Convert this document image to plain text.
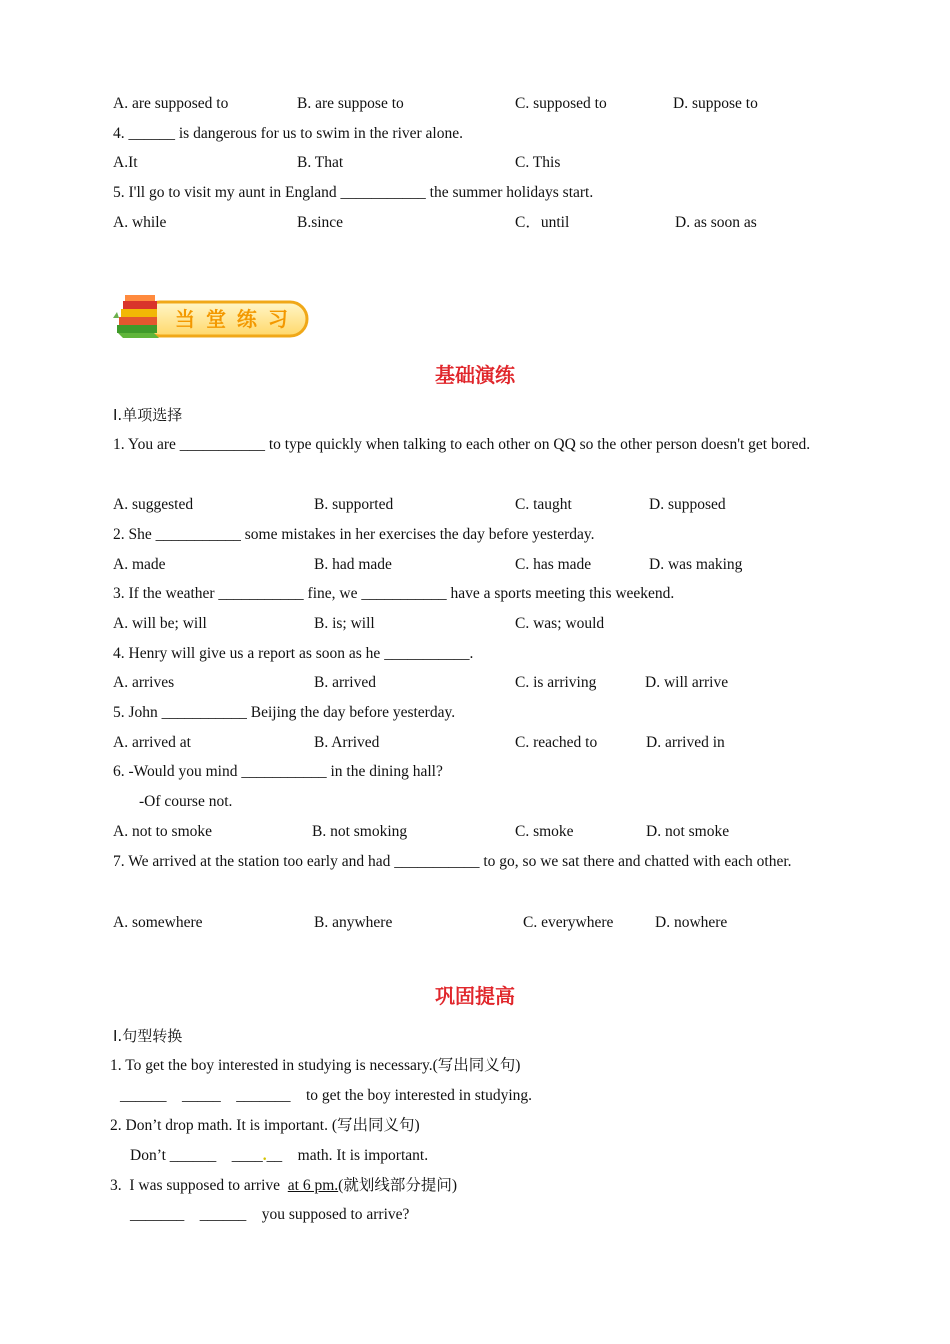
A. are supposed to	B. are suppose to	C. supposed to	D. suppose to
4. ______ is dangerous for us to swim in the river alone.
A.It	B. That	C. This
5. I'll go to visit my aunt in England ___________ the summer holidays start.
A. while	B.since	C．until	D. as soon as
当 堂 练 习
基础演练
I.单项选择
1. You are ___________ to type quickly when talking to each other on QQ so the other person doesn't get bored.
A. suggested	B. supported	C. taught	D. supposed
2. She ___________ some mistakes in her exercises the day before yesterday.
A. made	B. had made	C. has made	D. was making
3. If the weather ___________ fine, we ___________ have a sports meeting this weekend.
A. will be; will	B. is; will	C. was; would
4. Henry will give us a report as soon as he ___________.
A. arrives	B. arrived	C. is arriving	D. will arrive
5. John ___________ Beijing the day before yesterday.
A. arrived at	B. Arrived	C. reached to	D. arrived in
6. -Would you mind ___________ in the dining hall?
-Of course not.
A. not to smoke	B. not smoking	C. smoke	D. not smoke
7. We arrived at the station too early and had ___________ to go, so we sat there and chatted with each other.
A. somewhere	B. anywhere	C. everywhere	D. nowhere
巩固提高
I.句型转换
1. To get the boy interested in studying is necessary.(写出同义句)
______    _____    _______    to get the boy interested in studying.
2. Don’t drop math. It is important. (写出同义句)
Don’t ______    ____.__    math. It is important.
3.  I was supposed to arrive  at 6 pm.(就划线部分提问)
_______    ______    you supposed to arrive?
